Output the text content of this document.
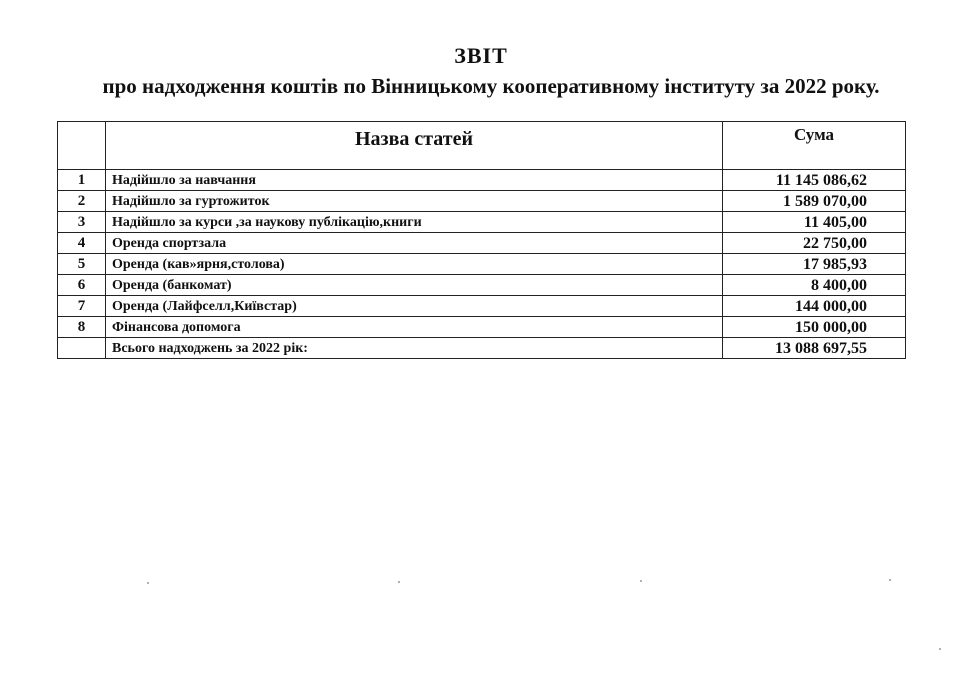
ЗВІТ
про надходження коштів по Вінницькому кооперативному інституту за 2022 року.
	Назва статей	Сума
1	Надійшло за навчання	11 145 086,62
2	Надійшло за гуртожиток	1 589 070,00
3	Надійшло за курси ,за наукову публікацію,книги	11 405,00
4	Оренда спортзала	22 750,00
5	Оренда (кав»ярня,столова)	17 985,93
6	Оренда (банкомат)	8 400,00
7	Оренда (Лайфселл,Київстар)	144 000,00
8	Фінансова допомога	150 000,00
	Всього надходжень за 2022 рік:	13 088 697,55
